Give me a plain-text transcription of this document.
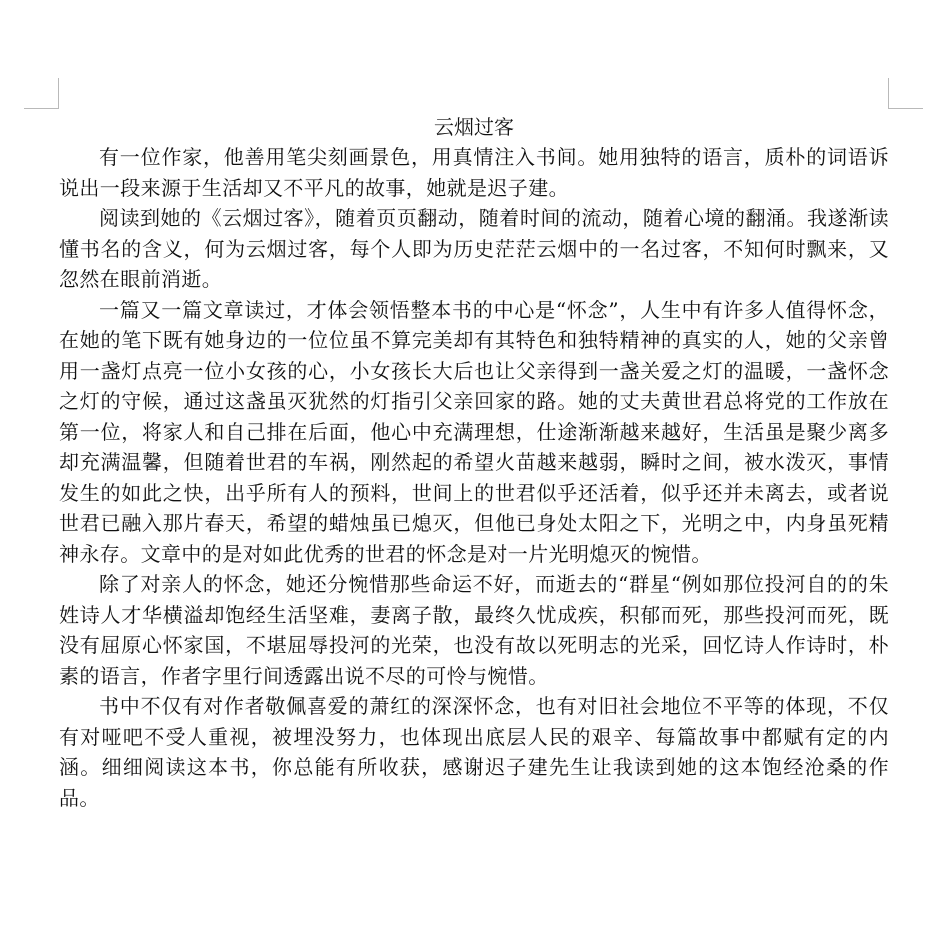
云烟过客

有一位作家，他善用笔尖刻画景色，用真情注入书间。她用独特的语言，质朴的词语诉说出一段来源于生活却又不平凡的故事，她就是迟子建。

阅读到她的《云烟过客》，随着页页翻动，随着时间的流动，随着心境的翻涌。我遂渐读懂书名的含义，何为云烟过客，每个人即为历史茫茫云烟中的一名过客，不知何时飘来，又忽然在眼前消逝。

一篇又一篇文章读过，才体会领悟整本书的中心是“怀念”，人生中有许多人值得怀念，在她的笔下既有她身边的一位位虽不算完美却有其特色和独特精神的真实的人，她的父亲曾用一盏灯点亮一位小女孩的心，小女孩长大后也让父亲得到一盏关爱之灯的温暖，一盏怀念之灯的守候，通过这盏虽灭犹然的灯指引父亲回家的路。她的丈夫黄世君总将党的工作放在第一位，将家人和自己排在后面，他心中充满理想，仕途渐渐越来越好，生活虽是聚少离多却充满温馨，但随着世君的车祸，刚然起的希望火苗越来越弱，瞬时之间，被水泼灭，事情发生的如此之快，出乎所有人的预料，世间上的世君似乎还活着，似乎还并未离去，或者说世君已融入那片春天，希望的蜡烛虽已熄灭，但他已身处太阳之下，光明之中，内身虽死精神永存。文章中的是对如此优秀的世君的怀念是对一片光明熄灭的惋惜。

除了对亲人的怀念，她还分惋惜那些命运不好，而逝去的“群星“例如那位投河自的的朱姓诗人才华横溢却饱经生活坚难，妻离子散，最终久忧成疾，积郁而死，那些投河而死，既没有屈原心怀家国，不堪屈辱投河的光荣，也没有故以死明志的光采，回忆诗人作诗时，朴素的语言，作者字里行间透露出说不尽的可怜与惋惜。

书中不仅有对作者敬佩喜爱的萧红的深深怀念，也有对旧社会地位不平等的体现，不仅有对哑吧不受人重视，被埋没努力，也体现出底层人民的艰辛、每篇故事中都赋有定的内涵。细细阅读这本书，你总能有所收获，感谢迟子建先生让我读到她的这本饱经沧桑的作品。
